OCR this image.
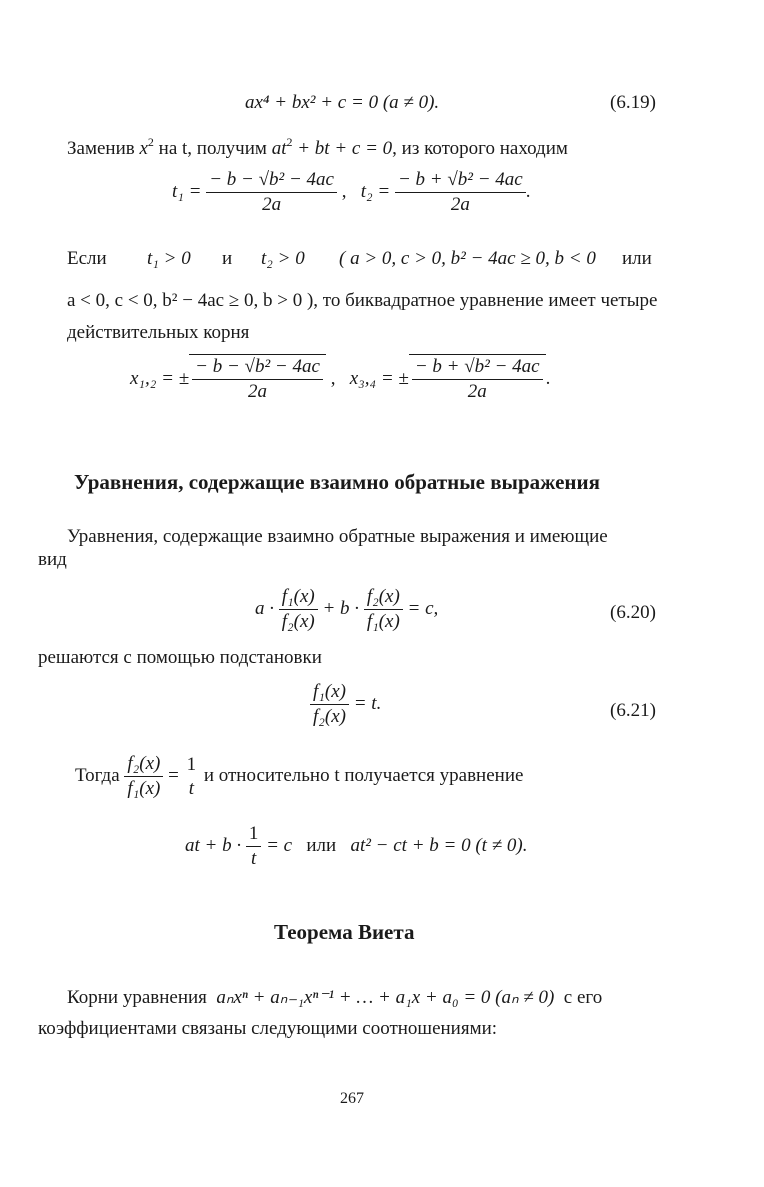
ax⁴ + bx² + c = 0 (a ≠ 0).	(6.19)
Заменив $x^2$ на t, получим $at^2$ + bt + c = 0, из которого находим
$t_1 = \frac{\text{− b − √b² − 4ac}}{2a}$ ,   $t_2 = \frac{\text{− b + √b² − 4ac}}{2a}$ .
Если t₁ > 0 и t₂ > 0 ( a > 0, c > 0, b² − 4ac ≥ 0, b < 0 или
a < 0, c < 0, b² − 4ac ≥ 0, b > 0 ), то биквадратное уравнение имеет четыре
действительных корня
x₁,₂ = ± $\frac{\text{− b − √b² − 4ac}}{2a}$ ,   x₃,₄ = ± $\frac{\text{− b + √b² − 4ac}}{2a}$ .
Уравнения, содержащие взаимно обратные выражения
Уравнения, содержащие взаимно обратные выражения и имеющие
вид
$a \cdot \frac{\text{f₁(x)}}{\text{f₂(x)}} + b \cdot \frac{\text{f₂(x)}}{\text{f₁(x)}} = c$,	(6.20)
решаются с помощью подстановки
$\frac{\text{f₁(x)}}{\text{f₂(x)}} = t$.	(6.21)
Тогда $\frac{\text{f₂(x)}}{\text{f₁(x)}}$ =
1
t
и относительно t получается уравнение
at + $b \cdot \frac{1}{t} = c$ или at² − ct + b = 0 (t ≠ 0).
Теорема Виета
Корни уравнения aₙxⁿ + aₙ₋₁xⁿ⁻¹ + … + a₁x + a₀ = 0 (aₙ ≠ 0) с его
коэффициентами связаны следующими соотношениями:
267
